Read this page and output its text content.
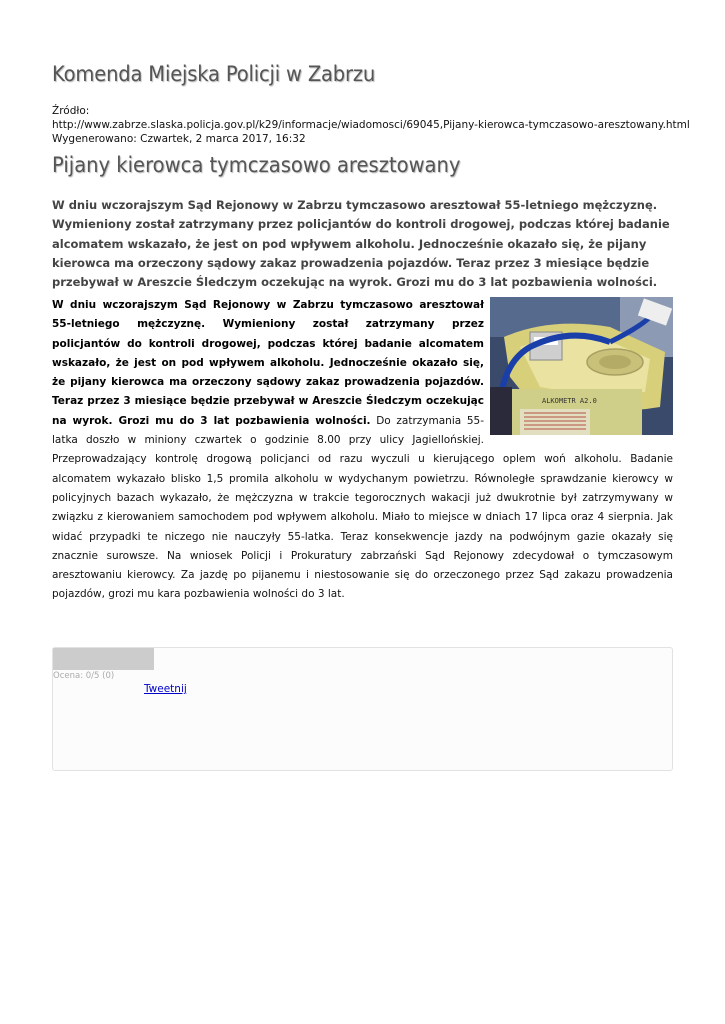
Komenda Miejska Policji w Zabrzu
Źródło:
http://www.zabrze.slaska.policja.gov.pl/k29/informacje/wiadomosci/69045,Pijany-kierowca-tymczasowo-aresztowany.html
Wygenerowano: Czwartek, 2 marca 2017, 16:32
Pijany kierowca tymczasowo aresztowany

W dniu wczorajszym Sąd Rejonowy w Zabrzu tymczasowo aresztował 55-letniego mężczyznę. Wymieniony został zatrzymany przez policjantów do kontroli drogowej, podczas której badanie alcomatem wskazało, że jest on pod wpływem alkoholu. Jednocześnie okazało się, że pijany kierowca ma orzeczony sądowy zakaz prowadzenia pojazdów. Teraz przez 3 miesiące będzie przebywał w Areszcie Śledczym oczekując na wyrok. Grozi mu do 3 lat pozbawienia wolności.

ALKOMETR A2.0

W dniu wczorajszym Sąd Rejonowy w Zabrzu tymczasowo aresztował 55-letniego mężczyznę. Wymieniony został zatrzymany przez policjantów do kontroli drogowej, podczas której badanie alcomatem wskazało, że jest on pod wpływem alkoholu. Jednocześnie okazało się, że pijany kierowca ma orzeczony sądowy zakaz prowadzenia pojazdów. Teraz przez 3 miesiące będzie przebywał w Areszcie Śledczym oczekując na wyrok. Grozi mu do 3 lat pozbawienia wolności. Do zatrzymania 55-latka doszło w miniony czwartek o godzinie 8.00 przy ulicy Jagiellońskiej. Przeprowadzający kontrolę drogową policjanci od razu wyczuli u kierującego oplem woń alkoholu. Badanie alcomatem wykazało blisko 1,5 promila alkoholu w wydychanym powietrzu. Równoległe sprawdzanie kierowcy w policyjnych bazach wykazało, że mężczyzna w trakcie tegorocznych wakacji już dwukrotnie był zatrzymywany w związku z kierowaniem samochodem pod wpływem alkoholu. Miało to miejsce w dniach 17 lipca oraz 4 sierpnia. Jak widać przypadki te niczego nie nauczyły 55-latka. Teraz konsekwencje jazdy na podwójnym gazie okazały się znacznie surowsze. Na wniosek Policji i Prokuratury zabrzański Sąd Rejonowy zdecydował o tymczasowym aresztowaniu kierowcy. Za jazdę po pijanemu i niestosowanie się do orzeczonego przez Sąd zakazu prowadzenia pojazdów, grozi mu kara pozbawienia wolności do 3 lat.

Ocena: 0/5 (0)
Tweetnij
